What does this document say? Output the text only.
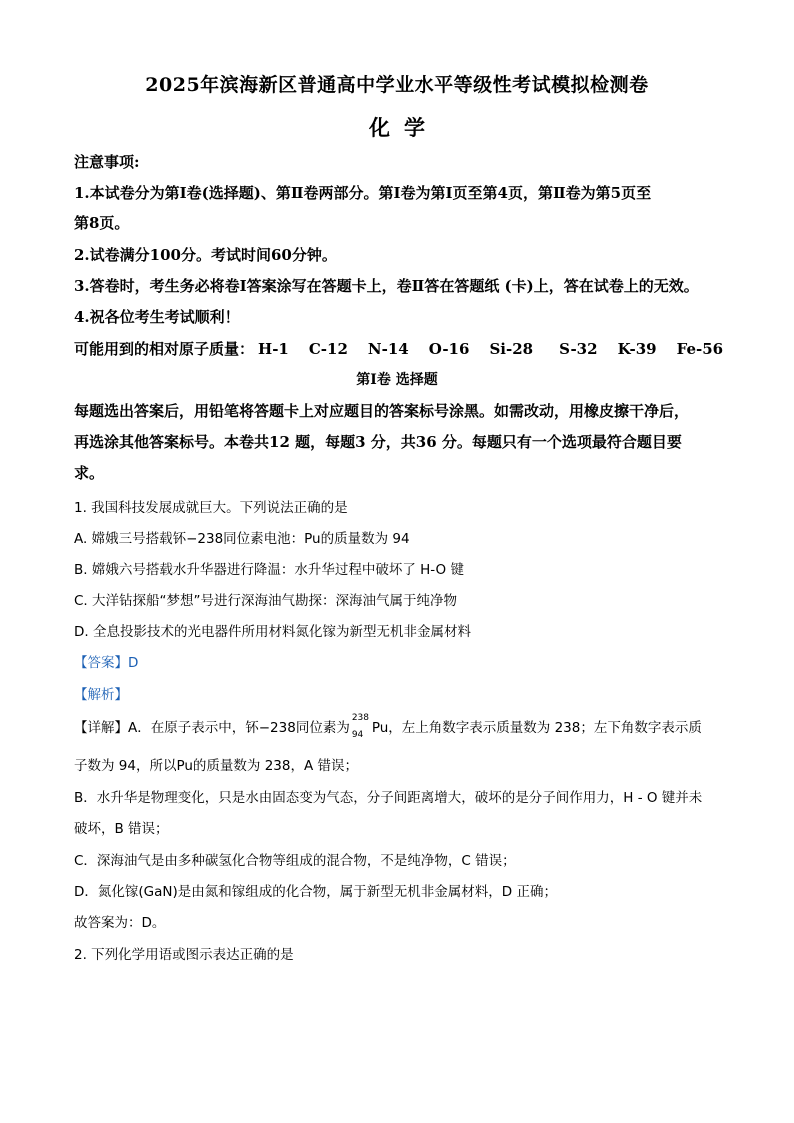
2025年滨海新区普通高中学业水平等级性考试模拟检测卷
化学
注意事项:
1.本试卷分为第Ⅰ卷(选择题)、第Ⅱ卷两部分。第Ⅰ卷为第Ⅰ页至第4页，第Ⅱ卷为第5页至
第8页。
2.试卷满分100分。考试时间60分钟。
3.答卷时，考生务必将卷Ⅰ答案涂写在答题卡上，卷Ⅱ答在答题纸 (卡)上，答在试卷上的无效。
4.祝各位考生考试顺利！
可能用到的相对原子质量： H-1 C-12 N-14 O-16 Si-28 S-32 K-39 Fe-56
第Ⅰ卷 选择题
每题选出答案后，用铅笔将答题卡上对应题目的答案标号涂黑。如需改动，用橡皮擦干净后，
再选涂其他答案标号。本卷共12 题，每题3 分，共36 分。每题只有一个选项最符合题目要
求。
1. 我国科技发展成就巨大。下列说法正确的是
A. 嫦娥三号搭载钚−238同位素电池：Pu的质量数为 94
B. 嫦娥六号搭载水升华器进行降温：水升华过程中破坏了 H-O 键
C. 大洋钻探船“梦想”号进行深海油气勘探：深海油气属于纯净物
D. 全息投影技术的光电器件所用材料氮化镓为新型无机非金属材料
【答案】D
【解析】
【详解】A．在原子表示中，钚−238同位素为
238
94 Pu，左上角数字表示质量数为 238；左下角数字表示质
子数为 94，所以Pu的质量数为 238，A 错误；
B．水升华是物理变化，只是水由固态变为气态，分子间距离增大，破坏的是分子间作用力，H - O 键并未
破坏，B 错误；
C．深海油气是由多种碳氢化合物等组成的混合物，不是纯净物，C 错误；
D．氮化镓(GaN)是由氮和镓组成的化合物，属于新型无机非金属材料，D 正确；
故答案为：D。
2. 下列化学用语或图示表达正确的是
